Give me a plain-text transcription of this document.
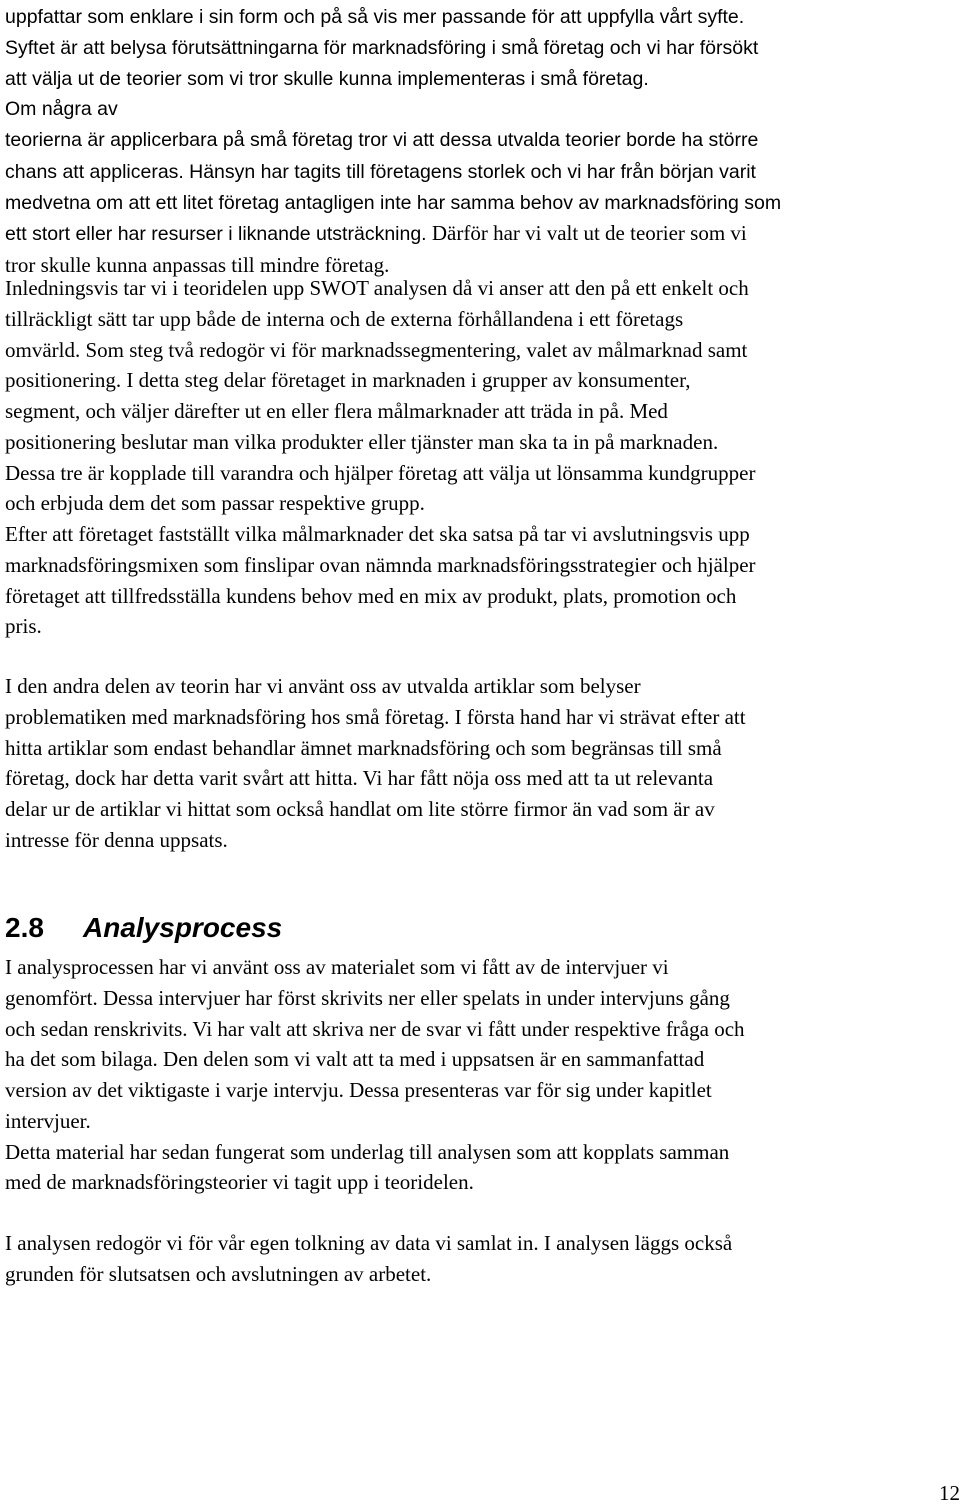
uppfattar som enklare i sin form och på så vis mer passande för att uppfylla vårt syfte.
Syftet är att belysa förutsättningarna för marknadsföring i små företag och vi har försökt
att välja ut de teorier som vi tror skulle kunna implementeras i små företag.
Om några av
teorierna är applicerbara på små företag tror vi att dessa utvalda teorier borde ha större
chans att appliceras. Hänsyn har tagits till företagens storlek och vi har från början varit
medvetna om att ett litet företag antagligen inte har samma behov av marknadsföring som
ett stort eller har resurser i liknande utsträckning. Därför har vi valt ut de teorier som vi
tror skulle kunna anpassas till mindre företag.

Inledningsvis tar vi i teoridelen upp SWOT analysen då vi anser att den på ett enkelt och
tillräckligt sätt tar upp både de interna och de externa förhållandena i ett företags
omvärld. Som steg två redogör vi för marknadssegmentering, valet av målmarknad samt
positionering. I detta steg delar företaget in marknaden i grupper av konsumenter,
segment, och väljer därefter ut en eller flera målmarknader att träda in på. Med
positionering beslutar man vilka produkter eller tjänster man ska ta in på marknaden.
Dessa tre är kopplade till varandra och hjälper företag att välja ut lönsamma kundgrupper
och erbjuda dem det som passar respektive grupp.
Efter att företaget fastställt vilka målmarknader det ska satsa på tar vi avslutningsvis upp
marknadsföringsmixen som finslipar ovan nämnda marknadsföringsstrategier och hjälper
företaget att tillfredsställa kundens behov med en mix av produkt, plats, promotion och
pris.

I den andra delen av teorin har vi använt oss av utvalda artiklar som belyser
problematiken med marknadsföring hos små företag. I första hand har vi strävat efter att
hitta artiklar som endast behandlar ämnet marknadsföring och som begränsas till små
företag, dock har detta varit svårt att hitta. Vi har fått nöja oss med att ta ut relevanta
delar ur de artiklar vi hittat som också handlat om lite större firmor än vad som är av
intresse för denna uppsats.

2.8 Analysprocess

I analysprocessen har vi använt oss av materialet som vi fått av de intervjuer vi
genomfört. Dessa intervjuer har först skrivits ner eller spelats in under intervjuns gång
och sedan renskrivits. Vi har valt att skriva ner de svar vi fått under respektive fråga och
ha det som bilaga. Den delen som vi valt att ta med i uppsatsen är en sammanfattad
version av det viktigaste i varje intervju. Dessa presenteras var för sig under kapitlet
intervjuer.
Detta material har sedan fungerat som underlag till analysen som att kopplats samman
med de marknadsföringsteorier vi tagit upp i teoridelen.

I analysen redogör vi för vår egen tolkning av data vi samlat in. I analysen läggs också
grunden för slutsatsen och avslutningen av arbetet.

12
